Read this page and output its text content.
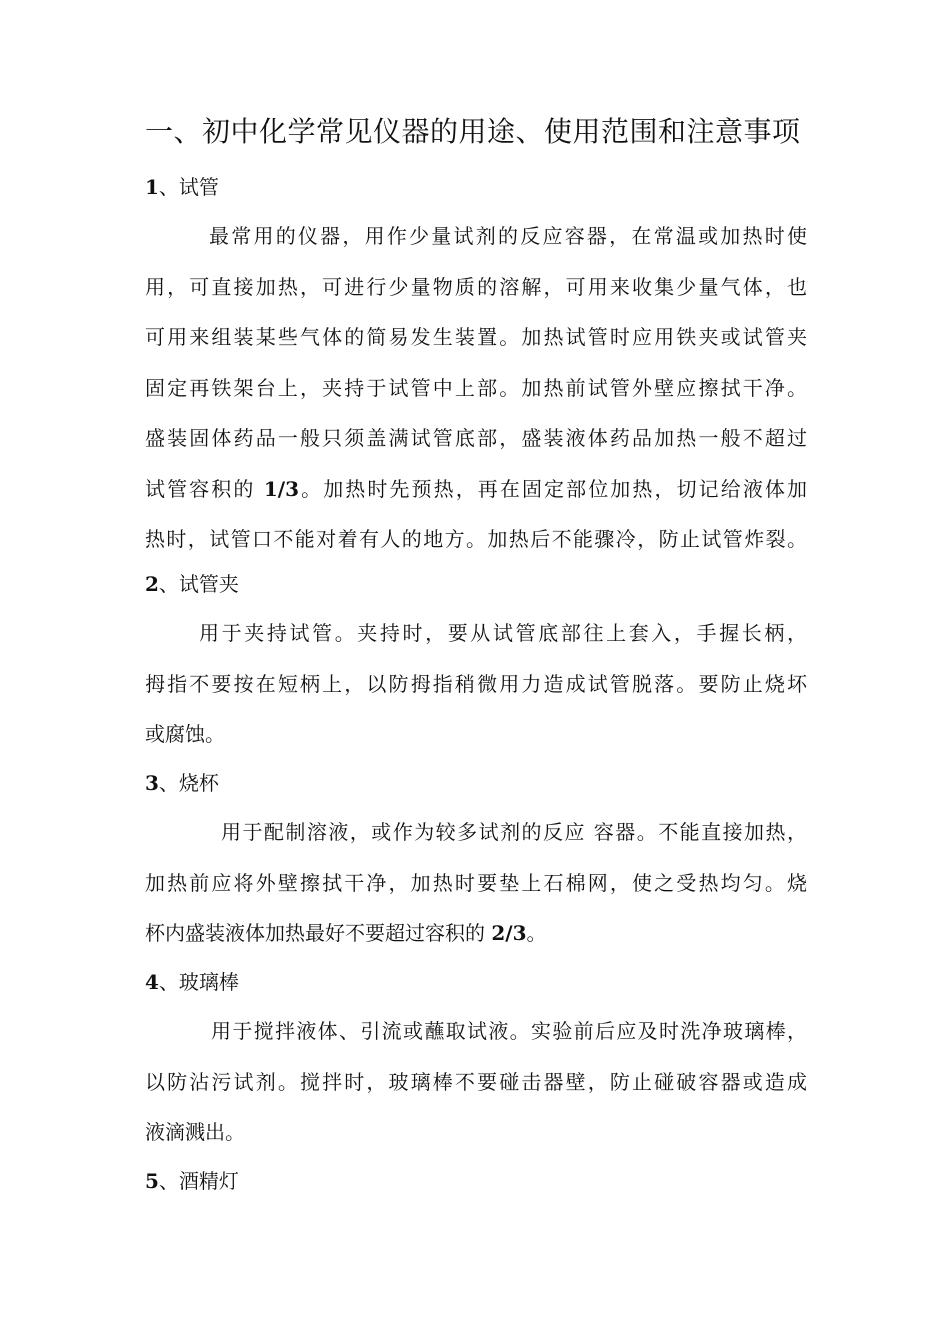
一、初中化学常见仪器的用途、使用范围和注意事项
1、试管
最常用的仪器，用作少量试剂的反应容器，在常温或加热时使
用，可直接加热，可进行少量物质的溶解，可用来收集少量气体，也
可用来组装某些气体的简易发生装置。加热试管时应用铁夹或试管夹
固定再铁架台上，夹持于试管中上部。加热前试管外壁应擦拭干净。
盛装固体药品一般只须盖满试管底部，盛装液体药品加热一般不超过
试管容积的 1/3。加热时先预热，再在固定部位加热，切记给液体加
热时，试管口不能对着有人的地方。加热后不能骤冷，防止试管炸裂。
2、试管夹
用于夹持试管。夹持时，要从试管底部往上套入，手握长柄，
拇指不要按在短柄上，以防拇指稍微用力造成试管脱落。要防止烧坏
或腐蚀。
3、烧杯
用于配制溶液，或作为较多试剂的反应 容器。不能直接加热，
加热前应将外壁擦拭干净，加热时要垫上石棉网，使之受热均匀。烧
杯内盛装液体加热最好不要超过容积的 2/3。
4、玻璃棒
用于搅拌液体、引流或蘸取试液。实验前后应及时洗净玻璃棒，
以防沾污试剂。搅拌时，玻璃棒不要碰击器壁，防止碰破容器或造成
液滴溅出。
5、酒精灯
